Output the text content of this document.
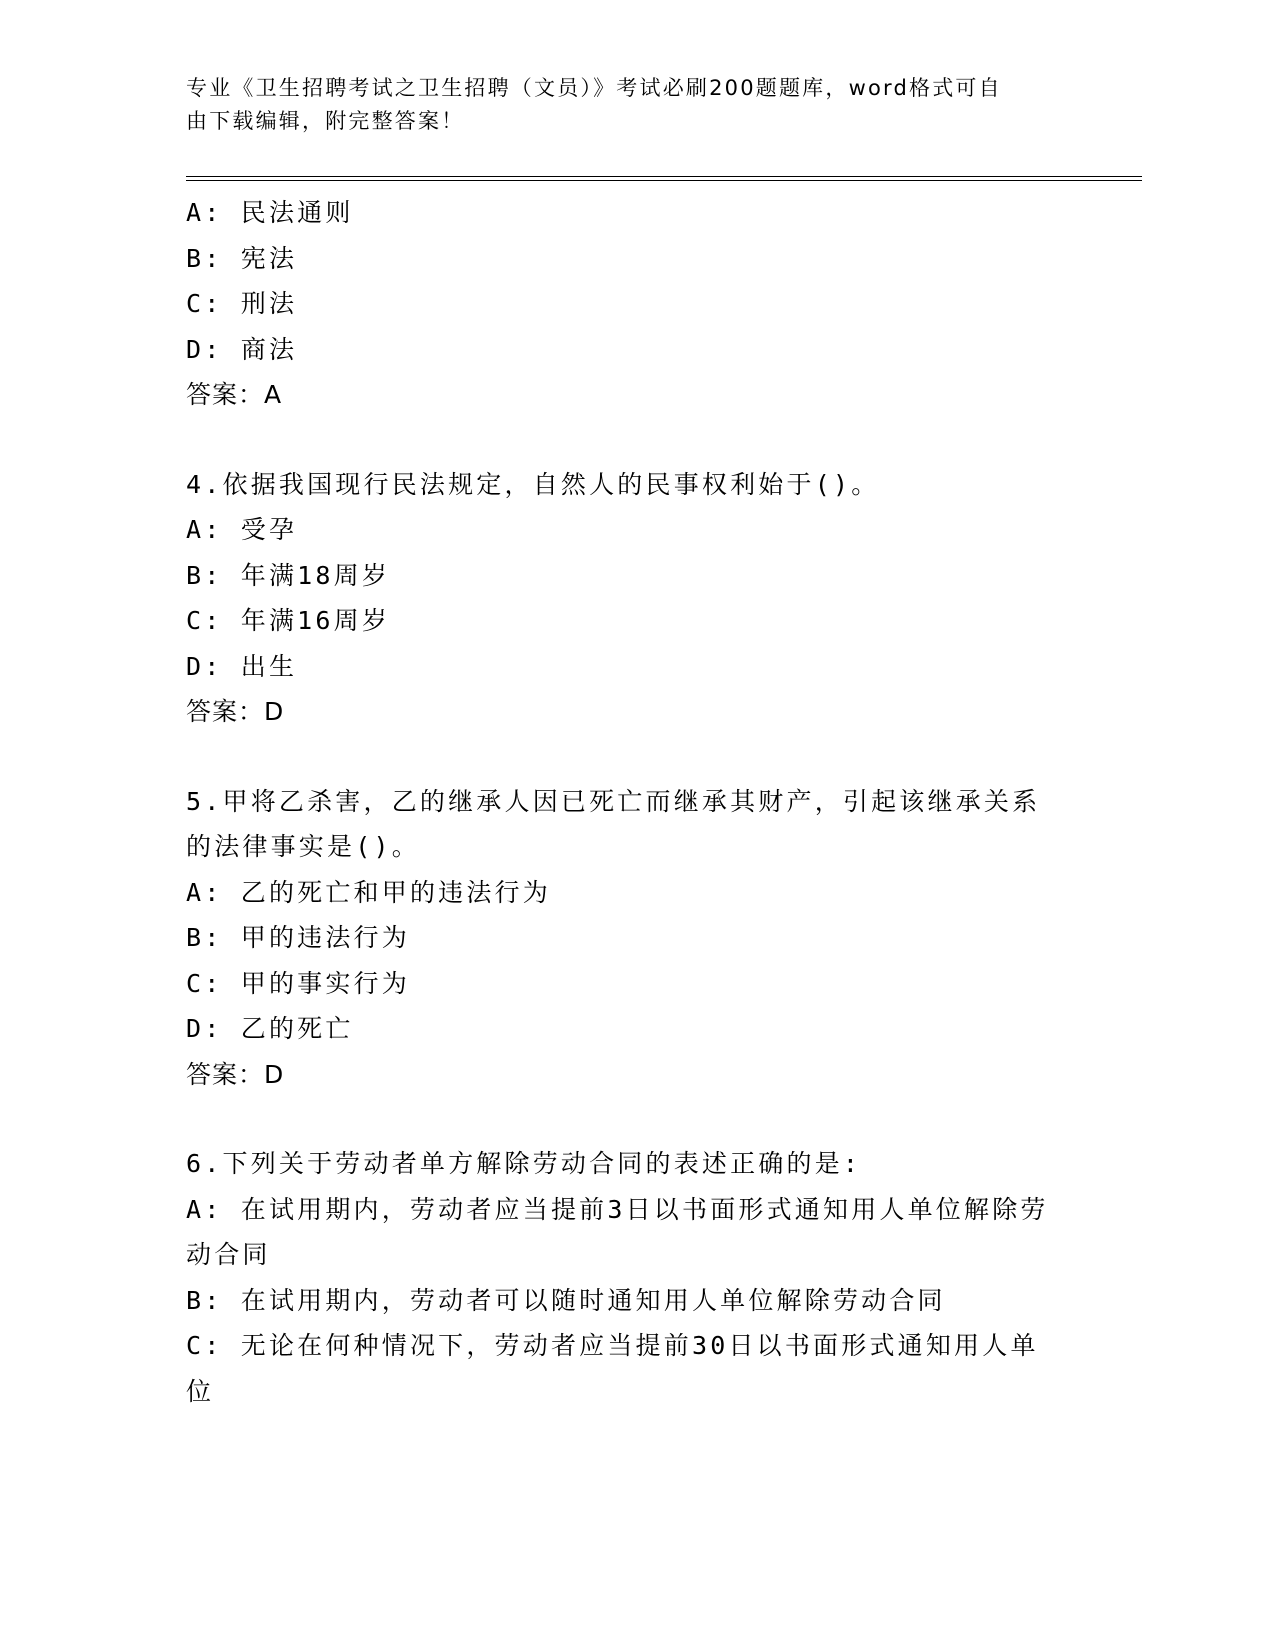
专业《卫生招聘考试之卫生招聘（文员）》考试必刷200题题库，word格式可自
由下载编辑，附完整答案！
A: 民法通则
B: 宪法
C: 刑法
D: 商法
答案：A
4.依据我国现行民法规定，自然人的民事权利始于()。
A: 受孕
B: 年满18周岁
C: 年满16周岁
D: 出生
答案：D
5.甲将乙杀害，乙的继承人因已死亡而继承其财产，引起该继承关系
的法律事实是()。
A: 乙的死亡和甲的违法行为
B: 甲的违法行为
C: 甲的事实行为
D: 乙的死亡
答案：D
6.下列关于劳动者单方解除劳动合同的表述正确的是:
A: 在试用期内，劳动者应当提前3日以书面形式通知用人单位解除劳
动合同
B: 在试用期内，劳动者可以随时通知用人单位解除劳动合同
C: 无论在何种情况下，劳动者应当提前30日以书面形式通知用人单
位
